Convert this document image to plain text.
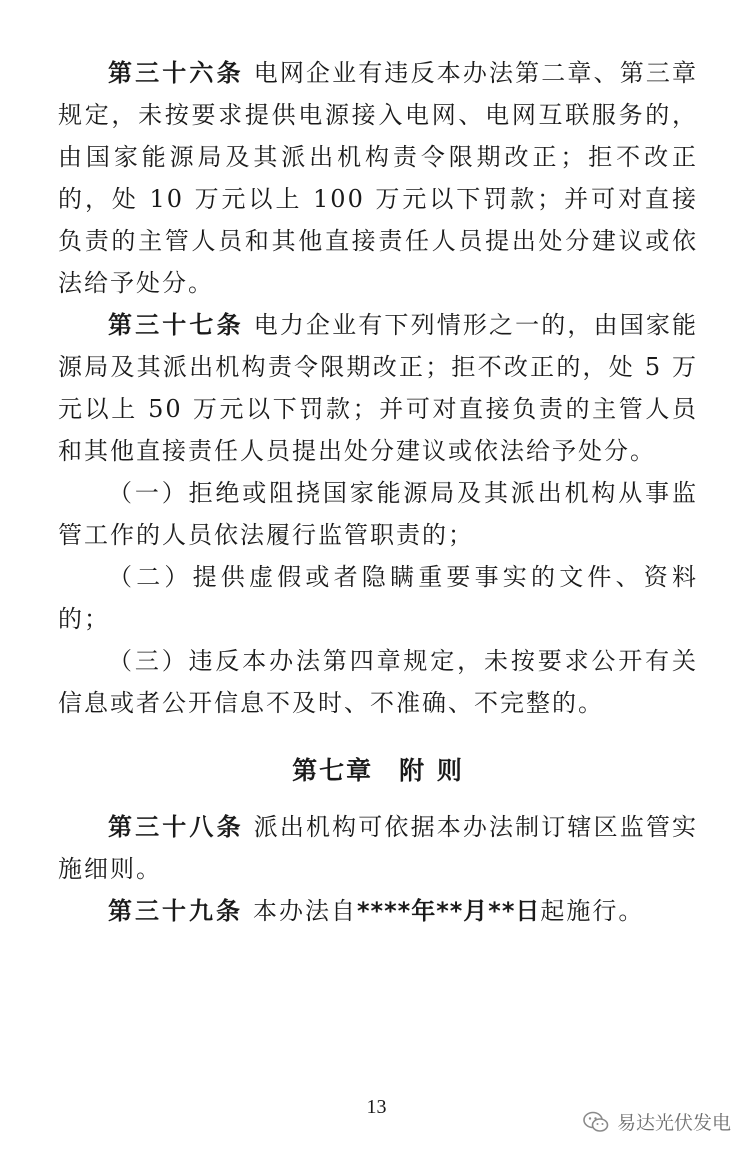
第三十六条 电网企业有违反本办法第二章、第三章规定，未按要求提供电源接入电网、电网互联服务的，由国家能源局及其派出机构责令限期改正；拒不改正的，处 10 万元以上 100 万元以下罚款；并可对直接负责的主管人员和其他直接责任人员提出处分建议或依法给予处分。

第三十七条 电力企业有下列情形之一的，由国家能源局及其派出机构责令限期改正；拒不改正的，处 5 万元以上 50 万元以下罚款；并可对直接负责的主管人员和其他直接责任人员提出处分建议或依法给予处分。

（一）拒绝或阻挠国家能源局及其派出机构从事监管工作的人员依法履行监管职责的；

（二）提供虚假或者隐瞒重要事实的文件、资料的；

（三）违反本办法第四章规定，未按要求公开有关信息或者公开信息不及时、不准确、不完整的。

第七章 附 则

第三十八条 派出机构可依据本办法制订辖区监管实施细则。

第三十九条 本办法自****年**月**日起施行。

13
易达光伏发电
